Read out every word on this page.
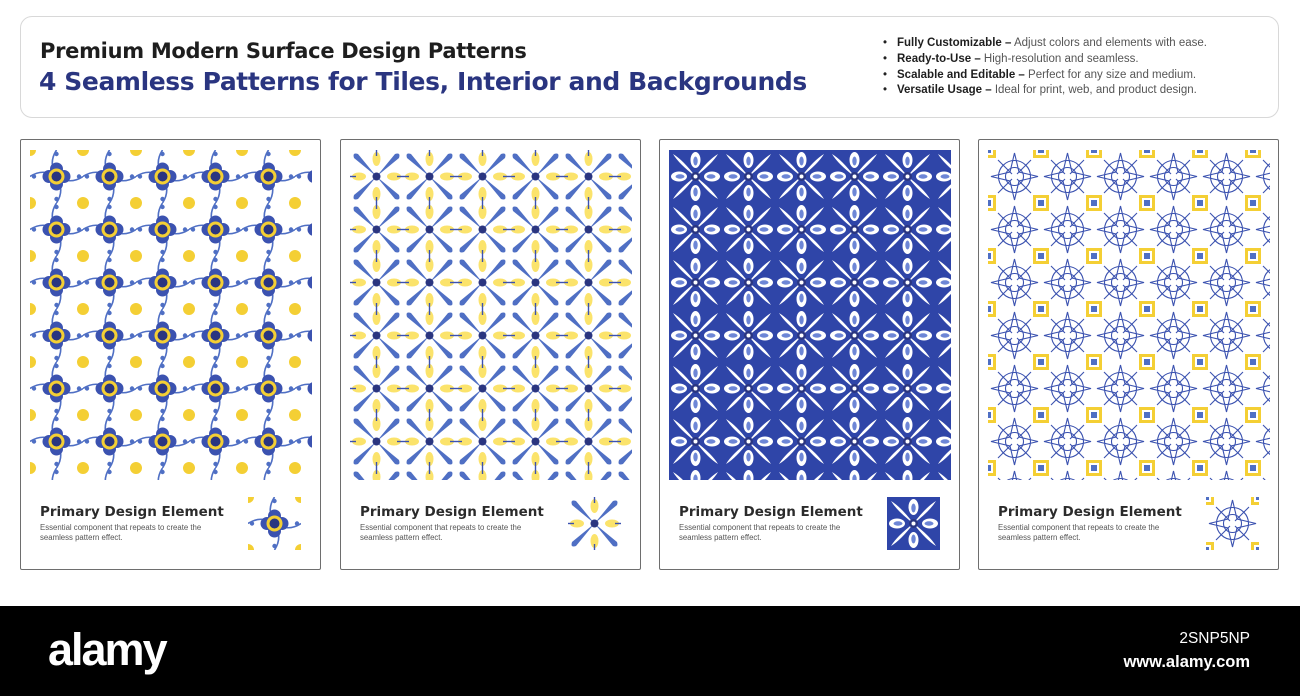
Premium Modern Surface Design Patterns
4 Seamless Patterns for Tiles, Interior and Backgrounds
• Fully Customizable – Adjust colors and elements with ease.
• Ready-to-Use – High-resolution and seamless.
• Scalable and Editable – Perfect for any size and medium.
• Versatile Usage – Ideal for print, web, and product design.
Primary Design Element
Essential component that repeats to create the seamless pattern effect.
Primary Design Element
Essential component that repeats to create the seamless pattern effect.
Primary Design Element
Essential component that repeats to create the seamless pattern effect.
Primary Design Element
Essential component that repeats to create the seamless pattern effect.
alamy	2SNP5NP
www.alamy.com
